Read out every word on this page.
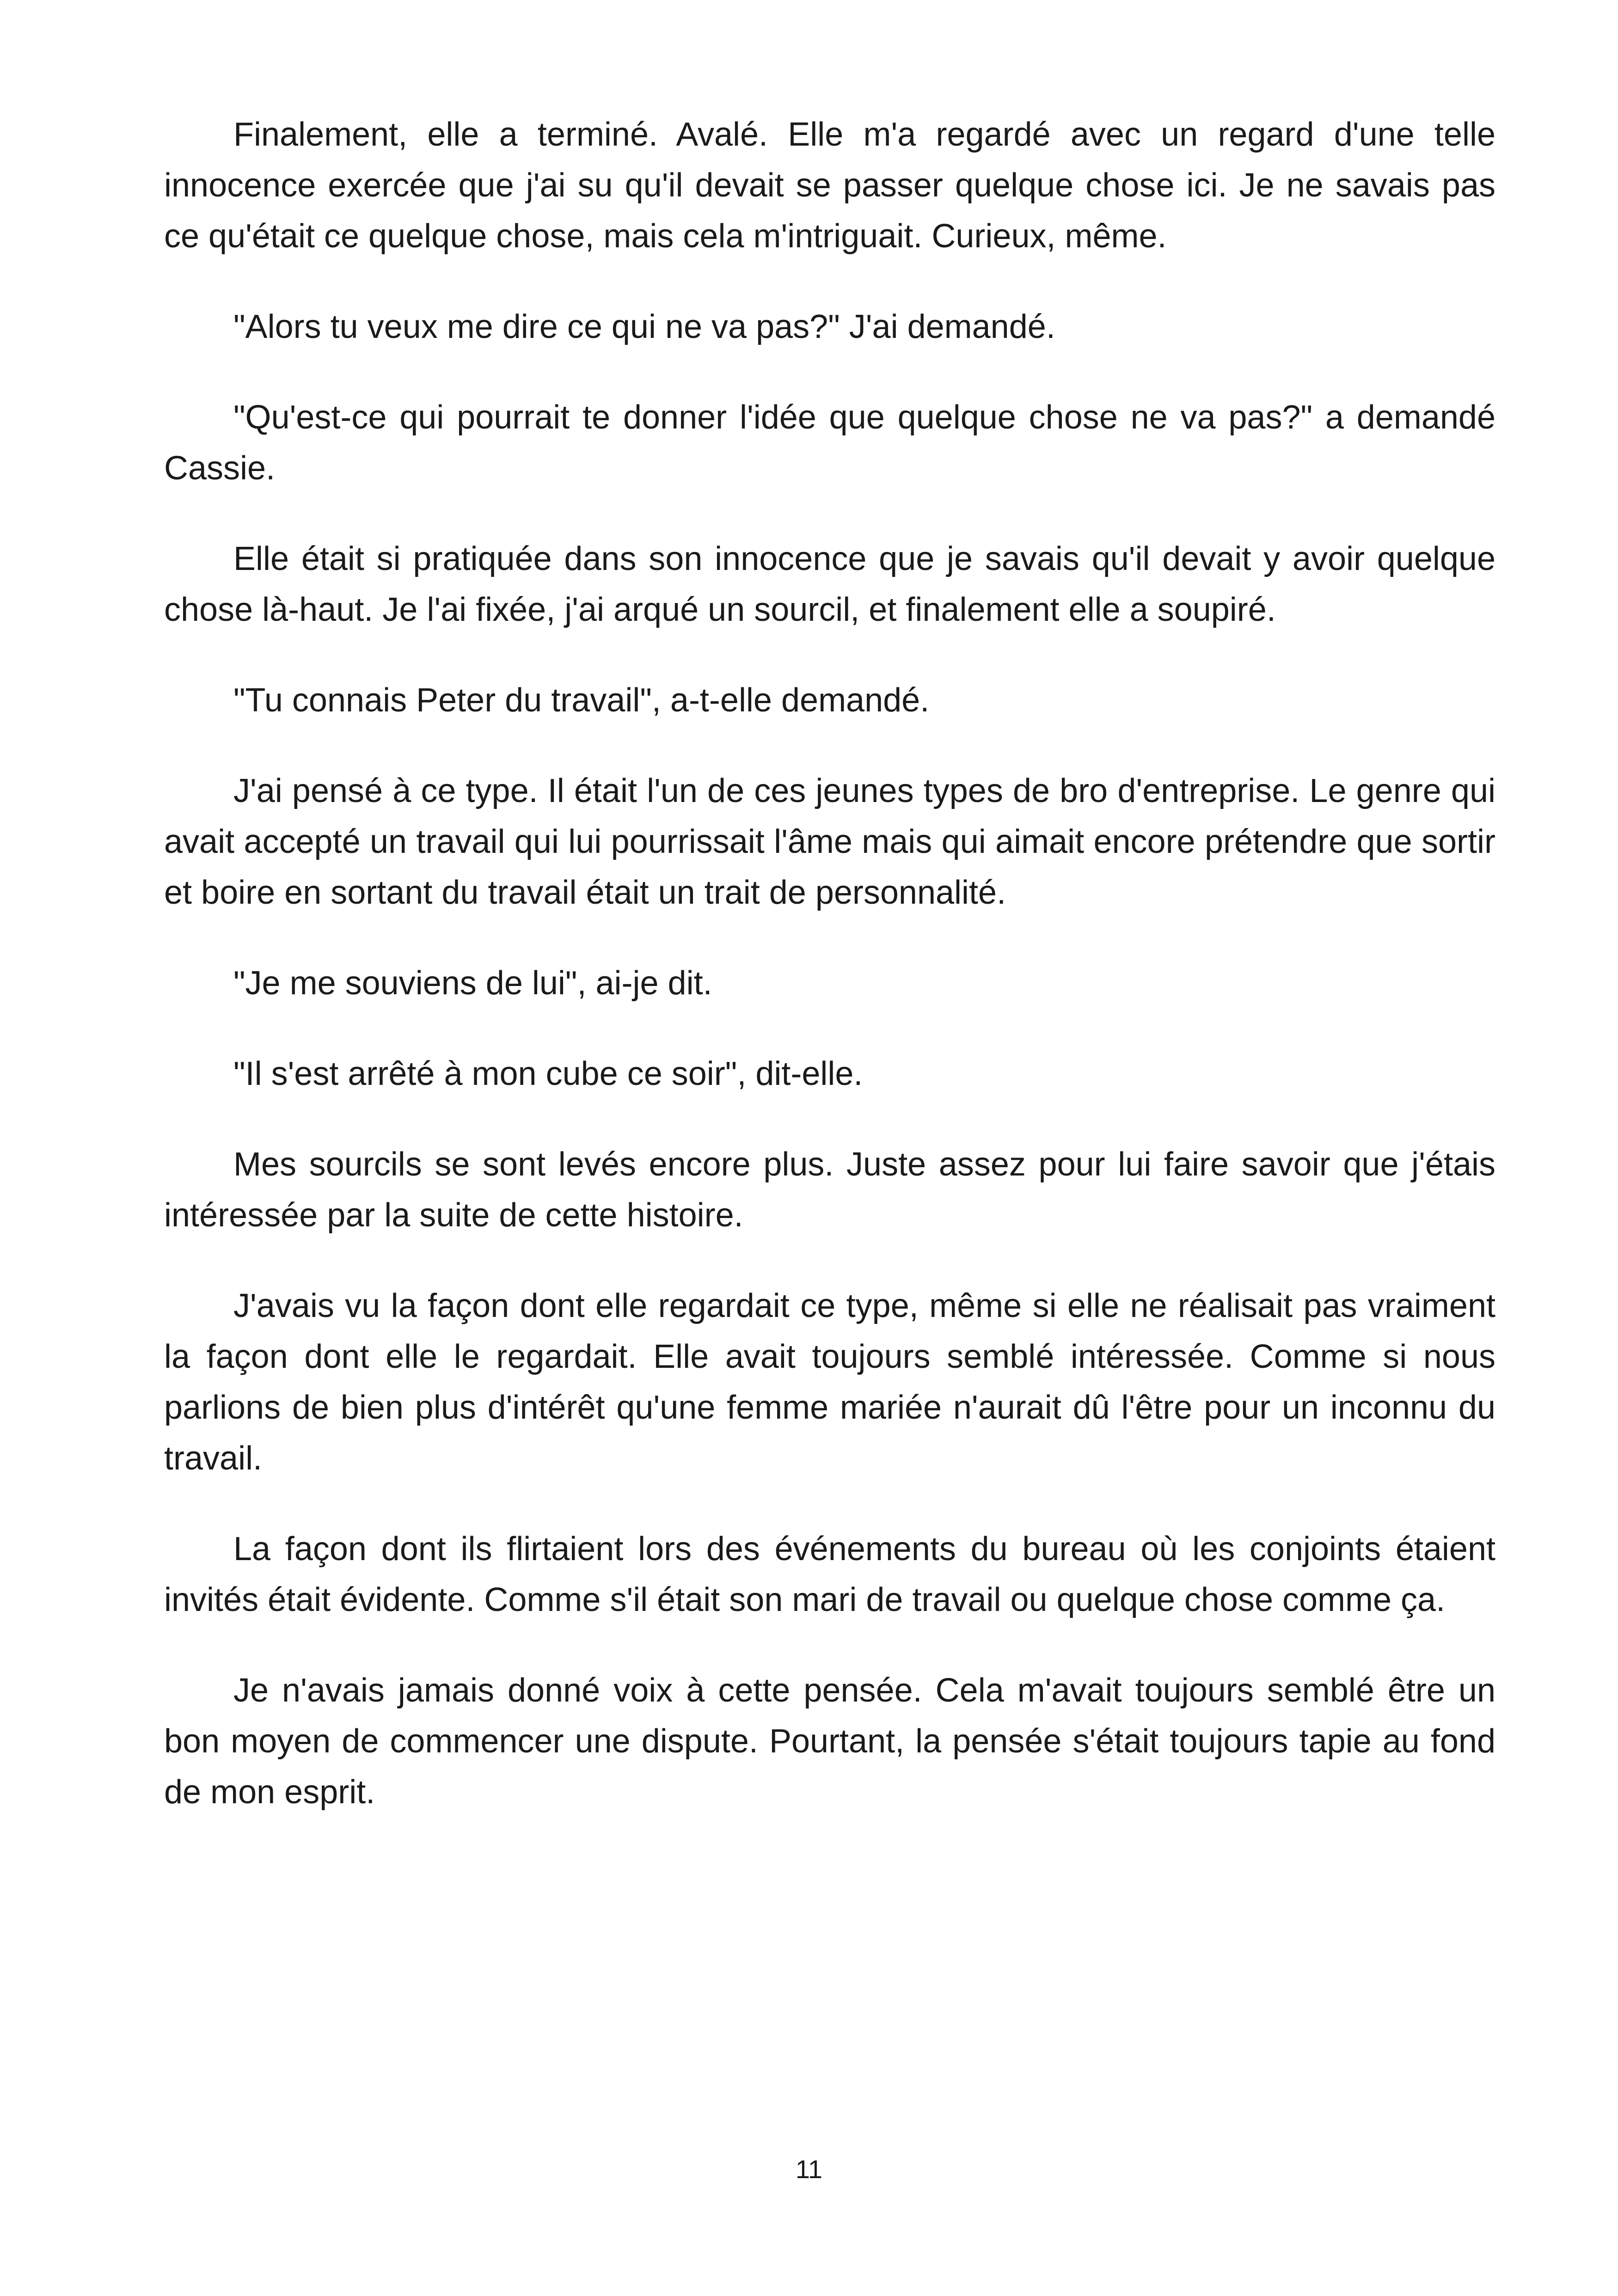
Finalement, elle a terminé. Avalé. Elle m'a regardé avec un regard d'une telle innocence exercée que j'ai su qu'il devait se passer quelque chose ici. Je ne savais pas ce qu'était ce quelque chose, mais cela m'intriguait. Curieux, même.

"Alors tu veux me dire ce qui ne va pas?" J'ai demandé.

"Qu'est-ce qui pourrait te donner l'idée que quelque chose ne va pas?" a demandé Cassie.

Elle était si pratiquée dans son innocence que je savais qu'il devait y avoir quelque chose là-haut. Je l'ai fixée, j'ai arqué un sourcil, et finalement elle a soupiré.

"Tu connais Peter du travail", a-t-elle demandé.

J'ai pensé à ce type. Il était l'un de ces jeunes types de bro d'entreprise. Le genre qui avait accepté un travail qui lui pourrissait l'âme mais qui aimait encore prétendre que sortir et boire en sortant du travail était un trait de personnalité.

"Je me souviens de lui", ai-je dit.

"Il s'est arrêté à mon cube ce soir", dit-elle.

Mes sourcils se sont levés encore plus. Juste assez pour lui faire savoir que j'étais intéressée par la suite de cette histoire.

J'avais vu la façon dont elle regardait ce type, même si elle ne réalisait pas vraiment la façon dont elle le regardait. Elle avait toujours semblé intéressée. Comme si nous parlions de bien plus d'intérêt qu'une femme mariée n'aurait dû l'être pour un inconnu du travail.

La façon dont ils flirtaient lors des événements du bureau où les conjoints étaient invités était évidente. Comme s'il était son mari de travail ou quelque chose comme ça.

Je n'avais jamais donné voix à cette pensée. Cela m'avait toujours semblé être un bon moyen de commencer une dispute. Pourtant, la pensée s'était toujours tapie au fond de mon esprit.

11
